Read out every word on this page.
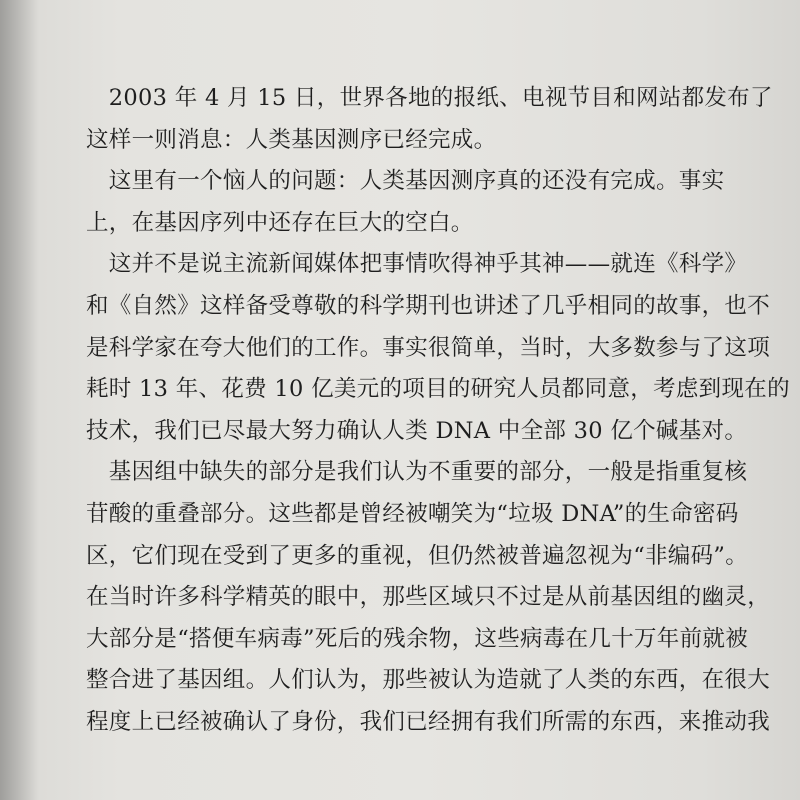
　2003 年 4 月 15 日，世界各地的报纸、电视节目和网站都发布了
这样一则消息：人类基因测序已经完成。
　这里有一个恼人的问题：人类基因测序真的还没有完成。事实
上，在基因序列中还存在巨大的空白。
　这并不是说主流新闻媒体把事情吹得神乎其神——就连《科学》
和《自然》这样备受尊敬的科学期刊也讲述了几乎相同的故事，也不
是科学家在夸大他们的工作。事实很简单，当时，大多数参与了这项
耗时 13 年、花费 10 亿美元的项目的研究人员都同意，考虑到现在的
技术，我们已尽最大努力确认人类 DNA 中全部 30 亿个碱基对。
　基因组中缺失的部分是我们认为不重要的部分，一般是指重复核
苷酸的重叠部分。这些都是曾经被嘲笑为“垃圾 DNA”的生命密码
区，它们现在受到了更多的重视，但仍然被普遍忽视为“非编码”。
在当时许多科学精英的眼中，那些区域只不过是从前基因组的幽灵，
大部分是“搭便车病毒”死后的残余物，这些病毒在几十万年前就被
整合进了基因组。人们认为，那些被认为造就了人类的东西，在很大
程度上已经被确认了身份，我们已经拥有我们所需的东西，来推动我
